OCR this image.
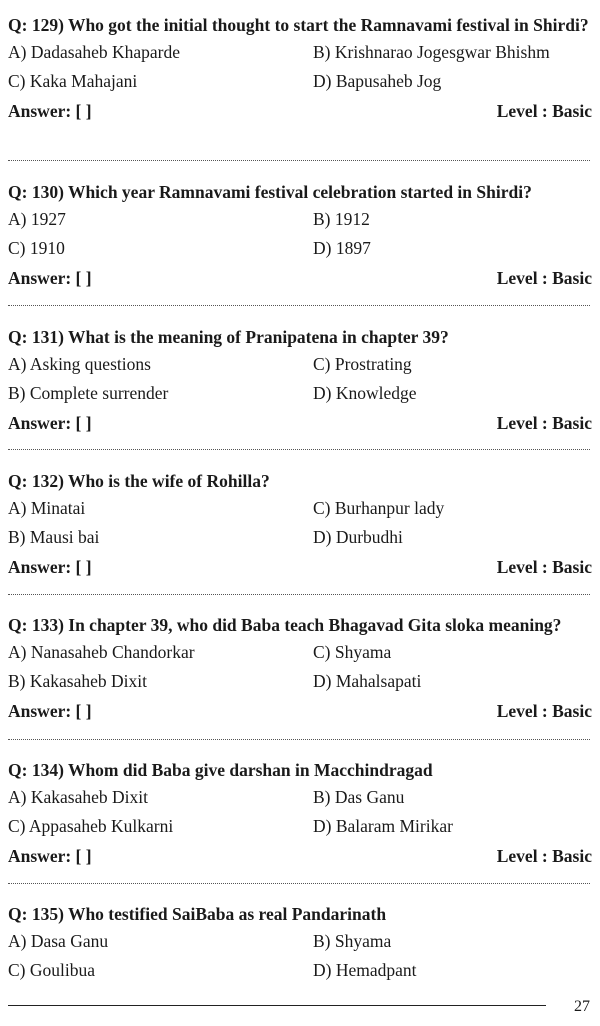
Q: 129) Who got the initial thought to start the Ramnavami festival in Shirdi?

A) Dadasaheb Khaparde	B) Krishnarao Jogesgwar Bhishm
C) Kaka Mahajani	D) Bapusaheb Jog
Answer: [ ]	Level : Basic

Q: 130) Which year Ramnavami festival celebration started in Shirdi?

A) 1927	B) 1912
C) 1910	D) 1897
Answer: [ ]	Level : Basic

Q: 131) What is the meaning of Pranipatena in chapter 39?

A) Asking questions	C) Prostrating
B) Complete surrender	D) Knowledge
Answer: [ ]	Level : Basic

Q: 132) Who is the wife of Rohilla?

A) Minatai	C) Burhanpur lady
B) Mausi bai	D) Durbudhi
Answer: [ ]	Level : Basic

Q: 133) In chapter 39, who did Baba teach Bhagavad Gita sloka meaning?

A) Nanasaheb Chandorkar	C) Shyama
B) Kakasaheb Dixit	D) Mahalsapati
Answer: [ ]	Level : Basic

Q: 134) Whom did Baba give darshan in Macchindragad

A) Kakasaheb Dixit	B) Das Ganu
C) Appasaheb Kulkarni	D) Balaram Mirikar
Answer: [ ]	Level : Basic

Q: 135) Who testified SaiBaba as real Pandarinath

A) Dasa Ganu	B) Shyama
C) Goulibua	D) Hemadpant
27
